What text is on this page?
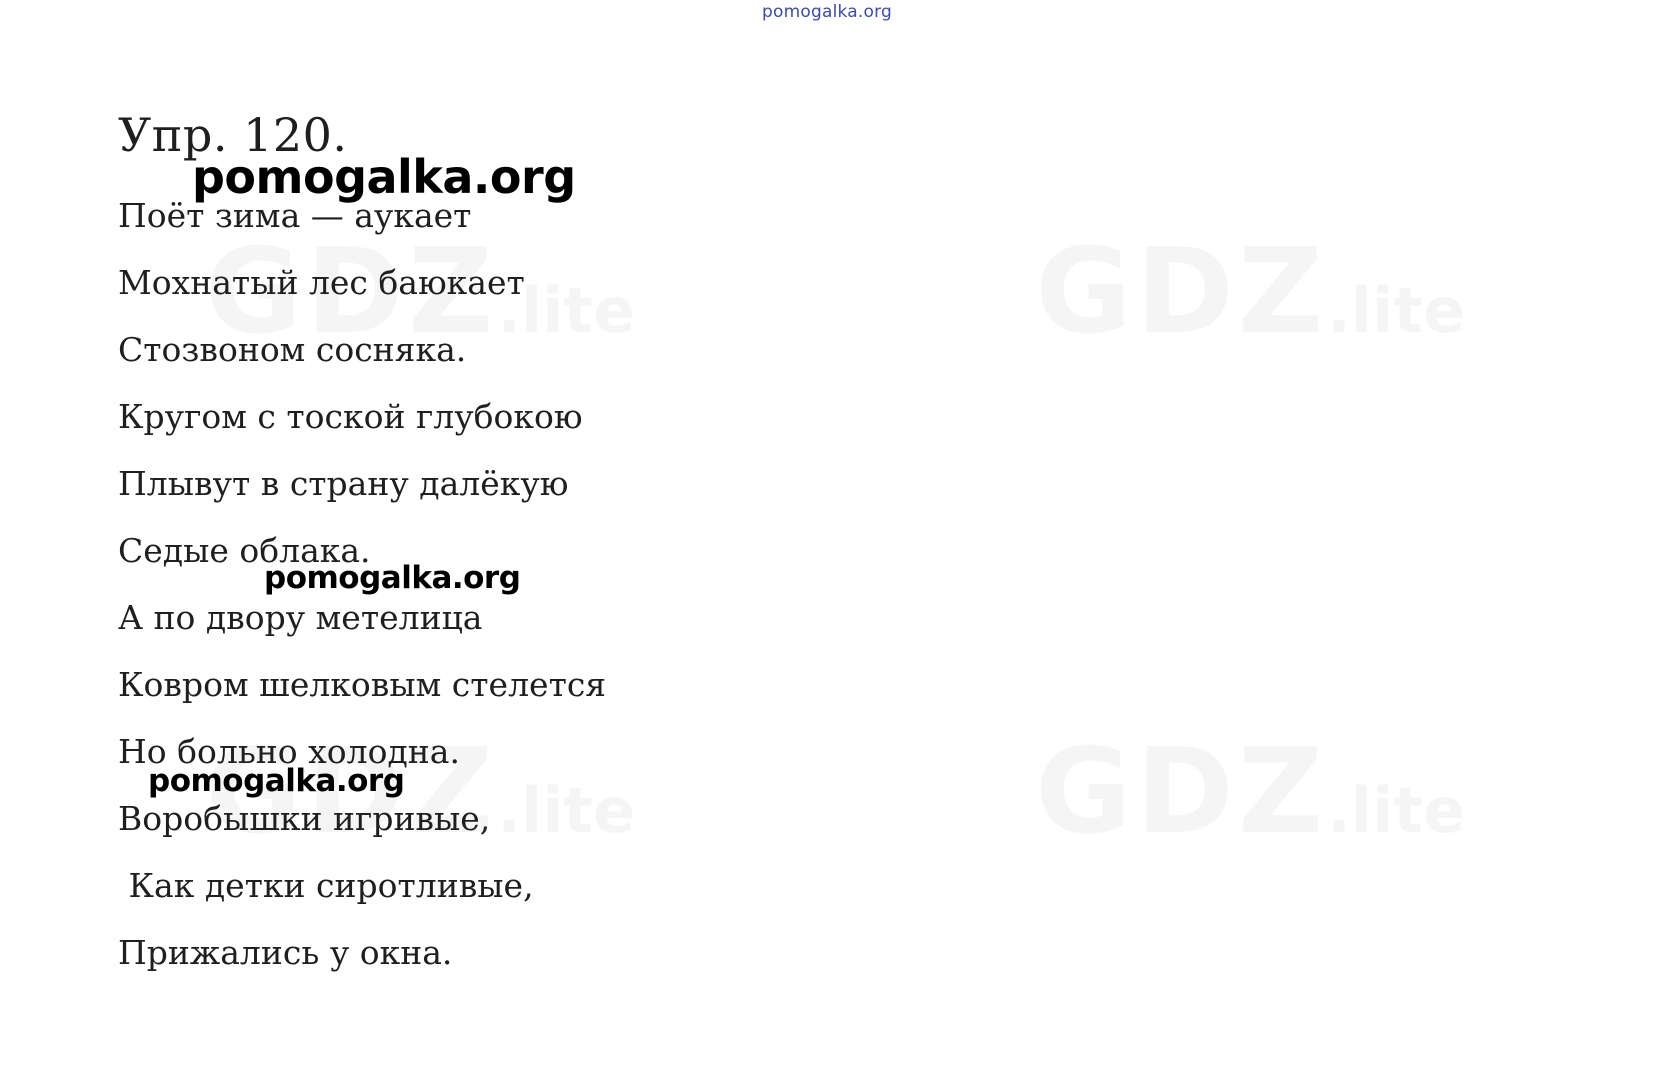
pomogalka.org
Упр. 120.
Поёт зима — аукает
Мохнатый лес баюкает
Стозвоном сосняка.
Кругом с тоской глубокою
Плывут в страну далёкую
Седые облака.
А по двору метелица
Ковром шелковым стелется
Но больно холодна.
Воробышки игривые,
Как детки сиротливые,
Прижались у окна.
pomogalka.org
pomogalka.org
pomogalka.org
